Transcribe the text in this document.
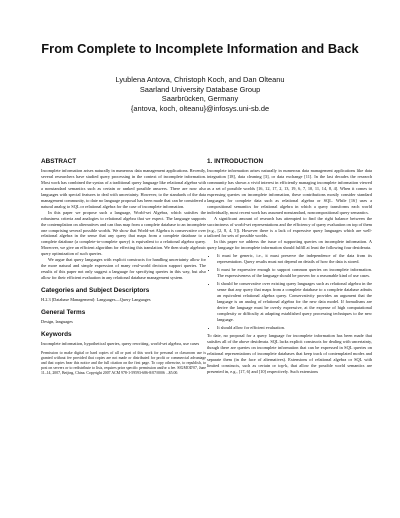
From Complete to Incomplete Information and Back
Lyublena Antova, Christoph Koch, and Dan Olteanu
Saarland University Database Group
Saarbrücken, Germany
{antova, koch, olteanu}@infosys.uni-sb.de
ABSTRACT

Incomplete information arises naturally in numerous data management applications. Recently, several researchers have studied query processing in the context of incomplete information. Most work has combined the syntax of a traditional query language like relational algebra with a nonstandard semantics such as certain or ranked possible answers. There are now also languages with special features to deal with uncertainty. However, to the standards of the data management community, to date no language proposal has been made that can be considered a natural analog to SQL or relational algebra for the case of incomplete information.

In this paper we propose such a language, World-set Algebra, which satisfies the robustness criteria and analogies to relational algebra that we expect. The language supports the contemplation on alternatives and can thus map from a complete database to an incomplete one comprising several possible worlds. We show that World-set Algebra is conservative over relational algebra in the sense that any query that maps from a complete database to a complete database (a complete-to-complete query) is equivalent to a relational algebra query. Moreover, we give an efficient algorithm for effecting this translation. We then study algebraic query optimization of such queries.

We argue that query languages with explicit constructs for handling uncertainty allow for the more natural and simple expression of many real-world decision support queries. The results of this paper not only suggest a language for specifying queries in this way, but also allow for their efficient evaluation in any relational database management system.

Categories and Subject Descriptors

H.2.3 [Database Management]: Languages—Query Languages

General Terms

Design, languages

Keywords

Incomplete information, hypothetical queries, query rewriting, world-set algebra, use cases

Permission to make digital or hard copies of all or part of this work for personal or classroom use is granted without fee provided that copies are not made or distributed for profit or commercial advantage and that copies bear this notice and the full citation on the first page. To copy otherwise, to republish, to post on servers or to redistribute to lists, requires prior specific permission and/or a fee. SIGMOD'07, June 11–14, 2007, Beijing, China. Copyright 2007 ACM 978-1-59593-686-8/07/0006 ...$5.00.
1. INTRODUCTION

Incomplete information arises naturally in numerous data management applications like data integration [18], data cleaning [3], or data exchange [11]. In the last decades the research community has shown a vivid interest in efficiently managing incomplete information viewed as a set of possible worlds [16, 12, 17, 2, 13, 19, 6, 7, 10, 11, 14, 8, 4]. When it comes to expressing queries on incomplete information, these contributions mostly consider standard languages for complete data such as relational algebra or SQL. While [16] uses a compositional semantics for relational algebra in which a query transforms each world individually, most recent work has assumed nonstandard, noncompositional query semantics.

A significant amount of research has attempted to find the right balance between the succinctness of world-set representations and the efficiency of query evaluation on top of them (e.g., [2, 8, 4, 5]). However there is a lack of expressive query languages which are well-tailored for sets of possible worlds.

In this paper we address the issue of supporting queries on incomplete information. A query language for incomplete information should fulfill at least the following four desiderata.

• It must be generic, i.e., it must preserve the independence of the data from its representation. Query results must not depend on details of how the data is stored.
• It must be expressive enough to support common queries on incomplete information. The expressiveness of the language should be proven for a reasonable kind of use cases.
• It should be conservative over existing query languages such as relational algebra in the sense that any query that maps from a complete database to a complete database admits an equivalent relational algebra query. Conservativity provides an argument that the language is an analog of relational algebra for the new data model. If formalisms are derive the language must be overly expressive, at the expense of high computational complexity or difficulty at adapting established query processing techniques to the new language.
• It should allow for efficient evaluation.

To date, no proposal for a query language for incomplete information has been made that satisfies all of the above desiderata. SQL lacks explicit constructs for dealing with uncertainty, though there are queries on incomplete information that can be expressed in SQL queries on relational representations of incomplete databases that keep track of contemplated modes and separate them (in the face of alternatives). Extensions of relational algebra or SQL with limited constructs, such as certain or top-k, that allow the possible world semantics are presented in, e.g., [17, 6] and [10] respectively. Such extensions
